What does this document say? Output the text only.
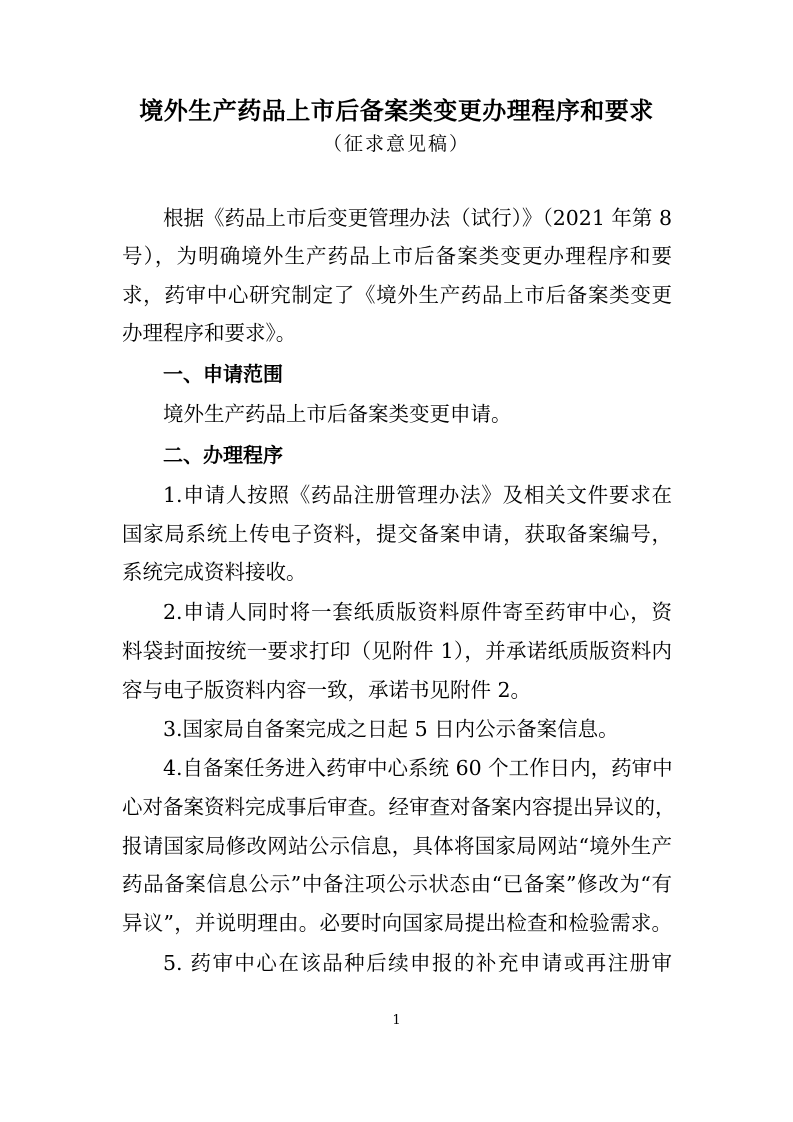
境外生产药品上市后备案类变更办理程序和要求
（征求意见稿）
根据《药品上市后变更管理办法（试行）》（2021 年第 8
号），为明确境外生产药品上市后备案类变更办理程序和要
求，药审中心研究制定了《境外生产药品上市后备案类变更
办理程序和要求》。
一、申请范围
境外生产药品上市后备案类变更申请。
二、办理程序
1.申请人按照《药品注册管理办法》及相关文件要求在
国家局系统上传电子资料，提交备案申请，获取备案编号，
系统完成资料接收。
2.申请人同时将一套纸质版资料原件寄至药审中心，资
料袋封面按统一要求打印（见附件 1），并承诺纸质版资料内
容与电子版资料内容一致，承诺书见附件 2。
3.国家局自备案完成之日起 5 日内公示备案信息。
4.自备案任务进入药审中心系统 60 个工作日内，药审中
心对备案资料完成事后审查。经审查对备案内容提出异议的，
报请国家局修改网站公示信息，具体将国家局网站“境外生产
药品备案信息公示”中备注项公示状态由“已备案”修改为“有
异议”，并说明理由。必要时向国家局提出检查和检验需求。
5. 药审中心在该品种后续申报的补充申请或再注册审
1
